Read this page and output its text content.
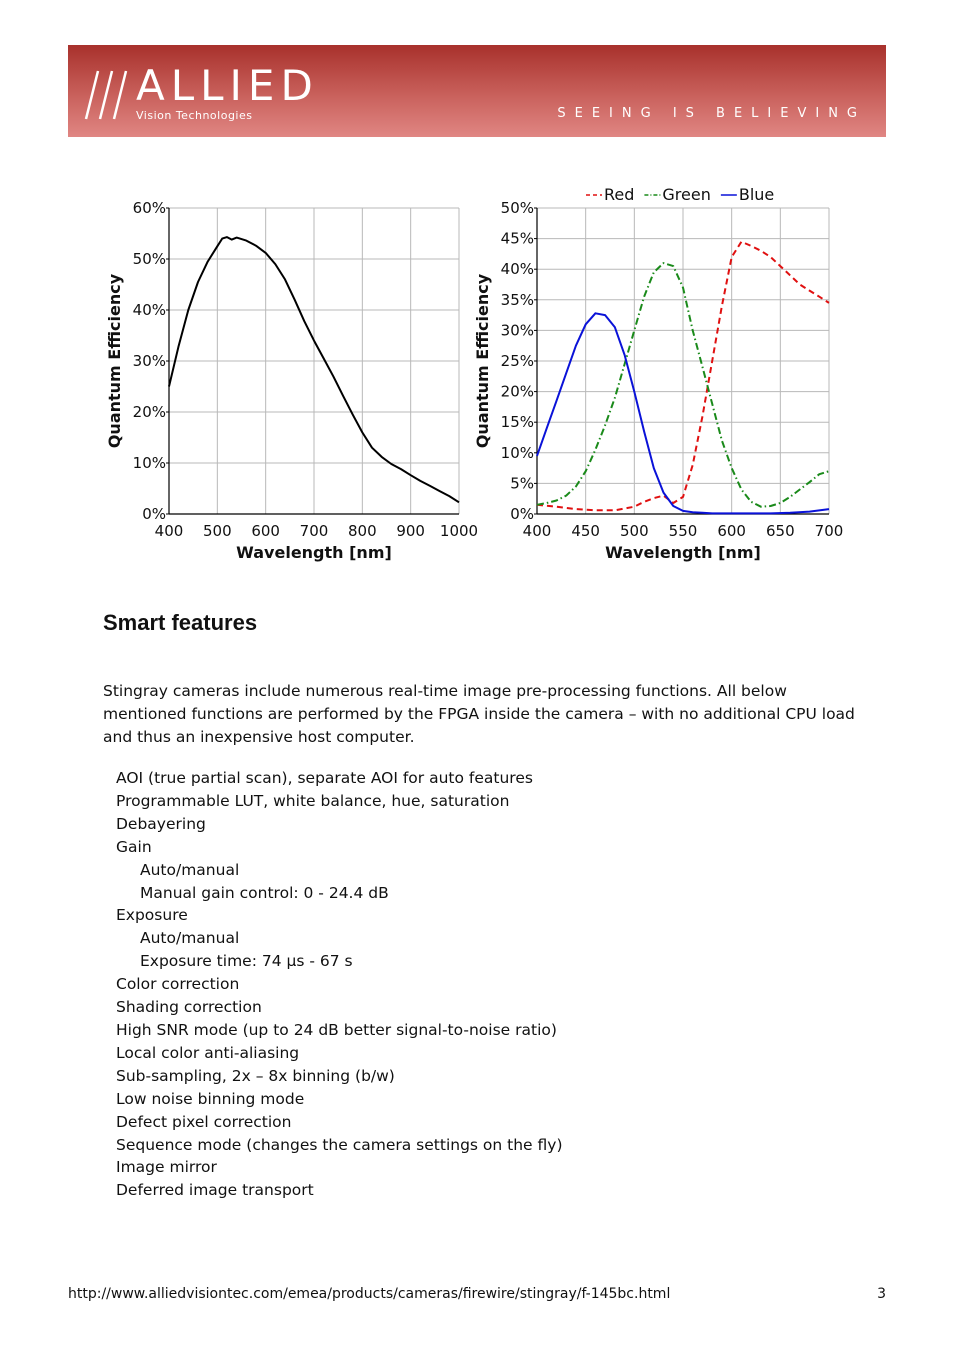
ALLIED
Vision Technologies	SEEING IS BELIEVING
0%
10%
20%
30%
40%
50%
60%
400 500 600 700 800 900 1000
Wavelength [nm]
Quantum Efficiency
0%
5%
10%
15%
20%
25%
30%
35%
40%
45%
50%
400 450 500 550 600 650 700
Wavelength [nm]
Quantum Efficiency
Red Green Blue
Smart features

Stingray cameras include numerous real-time image pre-processing functions. All below mentioned functions are performed by the FPGA inside the camera – with no additional CPU load and thus an inexpensive host computer.

AOI (true partial scan), separate AOI for auto features
Programmable LUT, white balance, hue, saturation
Debayering
Gain
Auto/manual
Manual gain control: 0 - 24.4 dB
Exposure
Auto/manual
Exposure time: 74 µs - 67 s
Color correction
Shading correction
High SNR mode (up to 24 dB better signal-to-noise ratio)
Local color anti-aliasing
Sub-sampling, 2x – 8x binning (b/w)
Low noise binning mode
Defect pixel correction
Sequence mode (changes the camera settings on the fly)
Image mirror
Deferred image transport
http://www.alliedvisiontec.com/emea/products/cameras/firewire/stingray/f-145bc.html	3
